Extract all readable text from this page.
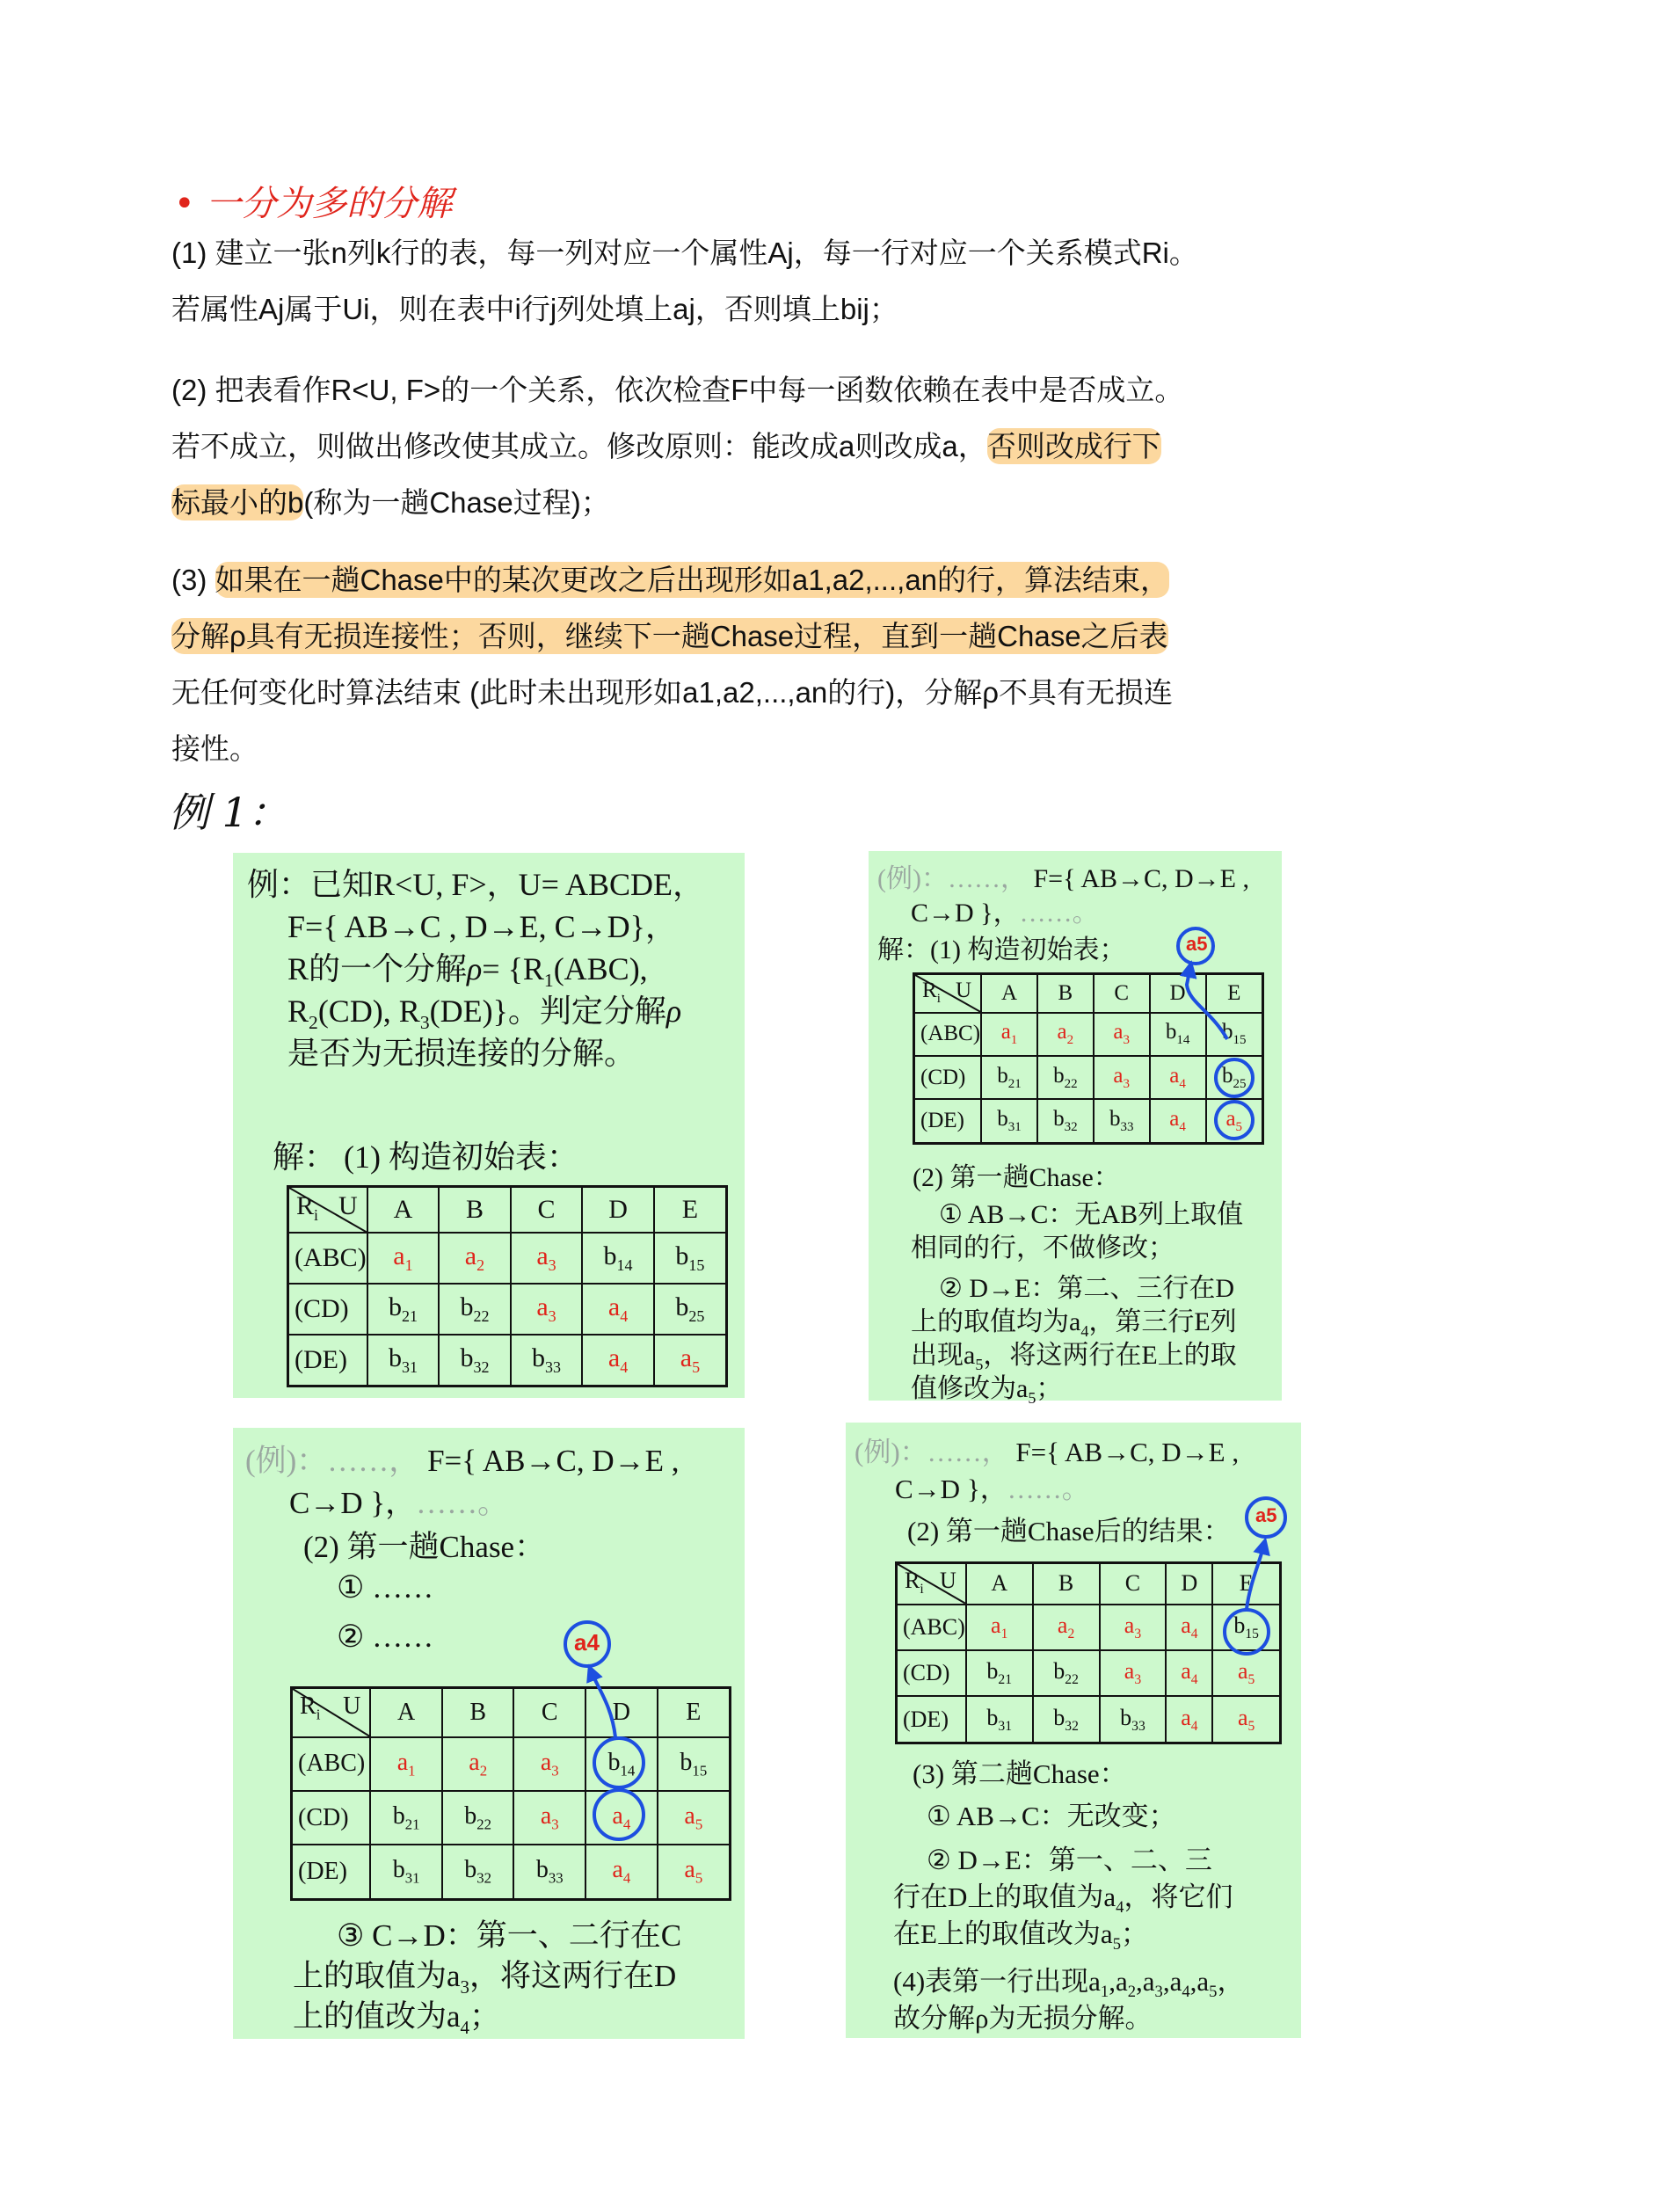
• 一分为多的分解

(1) 建立一张n列k行的表，每一列对应一个属性Aj，每一行对应一个关系模式Ri。

若属性Aj属于Ui，则在表中i行j列处填上aj，否则填上bij；

(2) 把表看作R<U, F>的一个关系，依次检查F中每一函数依赖在表中是否成立。

若不成立，则做出修改使其成立。修改原则：能改成a则改成a，否则改成行下

标最小的b(称为一趟Chase过程)；

(3) 如果在一趟Chase中的某次更改之后出现形如a1,a2,...,an的行，算法结束，

分解ρ具有无损连接性；否则，继续下一趟Chase过程，直到一趟Chase之后表

无任何变化时算法结束 (此时未出现形如a1,a2,...,an的行)，分解ρ不具有无损连

接性。

例 1：
例：已知R<U, F>，U= ABCDE，
F={ AB→C , D→E, C→D}，
R的一个分解$\rho= \{R_1(ABC)$,
$R_2(CD)$, $R_3(DE)$}。判定分解ρ
是否为无损连接的分解。
解： (1) 构造初始表：
$R_i$ U	A	B	C	D	E
(ABC)	$a_1$	$a_2$	$a_3$	$b_{14}$	$b_{15}$
(CD)	$b_{21}$	$b_{22}$	$a_3$	$a_4$	$b_{25}$
(DE)	$b_{31}$	$b_{32}$	$b_{33}$	$a_4$	$a_5$
(例)：……， F={ AB→C, D→E ,
C→D }，……。
解：(1) 构造初始表；
$R_i$ U	A	B	C	D	E
(ABC)	$a_1$	$a_2$	$a_3$	$b_{14}$	$b_{15}$
(CD)	$b_{21}$	$b_{22}$	$a_3$	$a_4$	$b_{25}$
(DE)	$b_{31}$	$b_{32}$	$b_{33}$	$a_4$	$a_5$
(2) 第一趟Chase：
① AB→C：无AB列上取值
相同的行，不做修改；
② D→E：第二、三行在D
上的取值均为$a_4$，第三行E列
出现$a_5$，将这两行在E上的取
值修改为$a_5$；
(例)：……， F={ AB→C, D→E ,
C→D }，……。
(2) 第一趟Chase：
① ……
② ……
$R_i$ U	A	B	C	D	E
(ABC)	$a_1$	$a_2$	$a_3$	$b_{14}$	$b_{15}$
(CD)	$b_{21}$	$b_{22}$	$a_3$	$a_4$	$a_5$
(DE)	$b_{31}$	$b_{32}$	$b_{33}$	$a_4$	$a_5$
③ C→D：第一、二行在C
上的取值为$a_3$，将这两行在D
上的值改为$a_4$；
(例)：……， F={ AB→C, D→E ,
C→D }，……。
(2) 第一趟Chase后的结果：
$R_i$ U	A	B	C	D	E
(ABC)	$a_1$	$a_2$	$a_3$	$a_4$	$b_{15}$
(CD)	$b_{21}$	$b_{22}$	$a_3$	$a_4$	$a_5$
(DE)	$b_{31}$	$b_{32}$	$b_{33}$	$a_4$	$a_5$
(3) 第二趟Chase：
① AB→C：无改变；
② D→E：第一、二、三
行在D上的取值为$a_4$，将它们
在E上的取值改为$a_5$；
(4)表第一行出现$a_1,a_2,a_3,a_4,a_5$，
故分解ρ为无损分解。
a5
a4
a5
